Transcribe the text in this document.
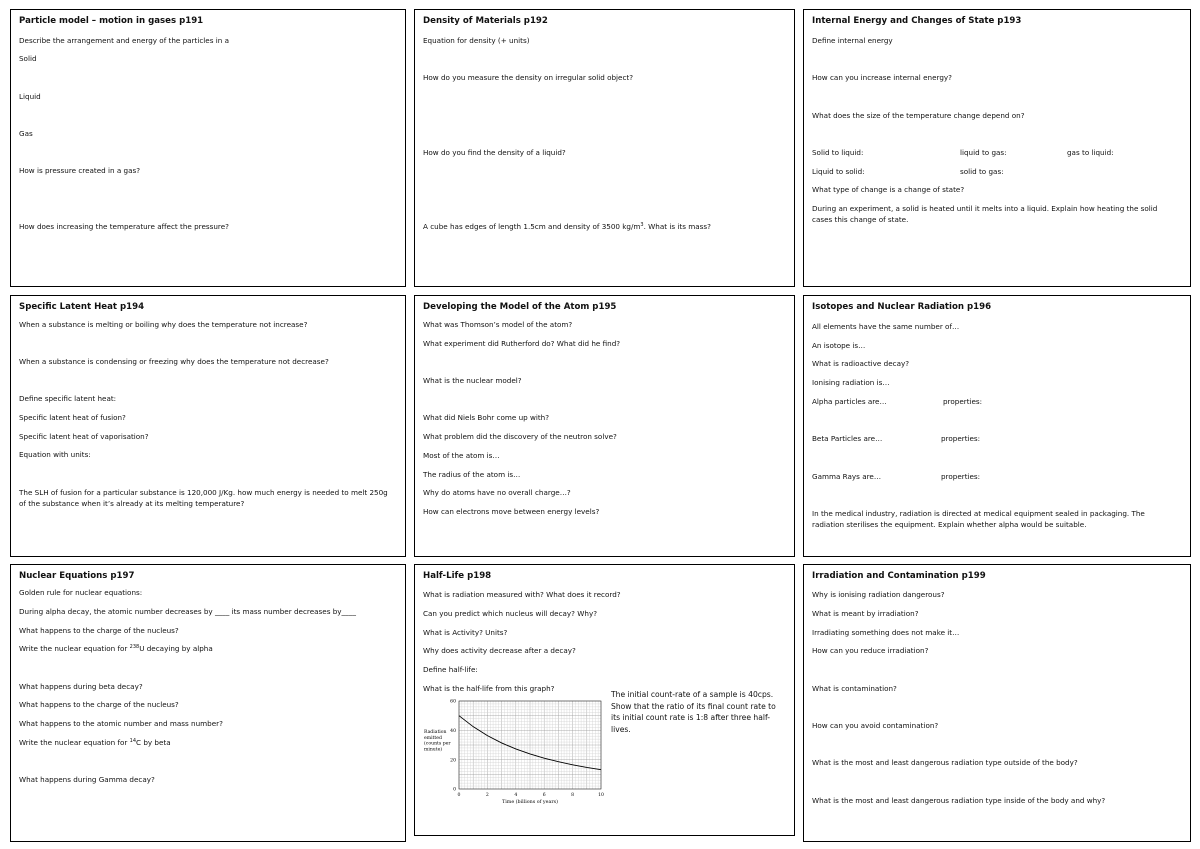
Particle model – motion in gases p191
Describe the arrangement and energy of the particles in a
Solid
Liquid
Gas
How is pressure created in a gas?
How does increasing the temperature affect the pressure?
Density of Materials p192
Equation for density (+ units)
How do you measure the density on irregular solid object?
How do you find the density of a liquid?
A cube has edges of length 1.5cm and density of 3500 $kg/m^3$. What is its mass?
Internal Energy and Changes of State p193
Define internal energy
How can you increase internal energy?
What does the size of the temperature change depend on?
Solid to liquid:	liquid to gas:	gas to liquid:
Liquid to solid:	solid to gas:
What type of change is a change of state?
During an experiment, a solid is heated until it melts into a liquid. Explain how heating the solid cases this change of state.
Specific Latent Heat p194
When a substance is melting or boiling why does the temperature not increase?
When a substance is condensing or freezing why does the temperature not decrease?
Define specific latent heat:
Specific latent heat of fusion?
Specific latent heat of vaporisation?
Equation with units:
The SLH of fusion for a particular substance is 120,000 J/Kg. how much energy is needed to melt 250g of the substance when it’s already at its melting temperature?
Developing the Model of the Atom p195
What was Thomson’s model of the atom?
What experiment did Rutherford do? What did he find?
What is the nuclear model?
What did Niels Bohr come up with?
What problem did the discovery of the neutron solve?
Most of the atom is…
The radius of the atom is…
Why do atoms have no overall charge…?
How can electrons move between energy levels?
Isotopes and Nuclear Radiation p196
All elements have the same number of…
An isotope is…
What is radioactive decay?
Ionising radiation is…
Alpha particles are…	properties:
Beta Particles are…	properties:
Gamma Rays are…	properties:
In the medical industry, radiation is directed at medical equipment sealed in packaging. The radiation sterilises the equipment. Explain whether alpha would be suitable.
Nuclear Equations p197
Golden rule for nuclear equations:
During alpha decay, the atomic number decreases by ____ its mass number decreases by____
What happens to the charge of the nucleus?
Write the nuclear equation for $^{238}$U decaying by alpha
What happens during beta decay?
What happens to the charge of the nucleus?
What happens to the atomic number and mass number?
Write the nuclear equation for $^{14}$C by beta
What happens during Gamma decay?
Half-Life p198
What is radiation measured with? What does it record?
Can you predict which nucleus will decay? Why?
What is Activity? Units?
Why does activity decrease after a decay?
Define half-life:
What is the half-life from this graph?
The initial count-rate of a sample is 40cps. Show that the ratio of its final count rate to its initial count rate is 1:8 after three half-lives.
0	2	4	6	8	10
0
20
40
60
Radiation
emitted
(counts per
minute)
Time (billions of years)
Irradiation and Contamination p199
Why is ionising radiation dangerous?
What is meant by irradiation?
Irradiating something does not make it…
How can you reduce irradiation?
What is contamination?
How can you avoid contamination?
What is the most and least dangerous radiation type outside of the body?
What is the most and least dangerous radiation type inside of the body and why?
